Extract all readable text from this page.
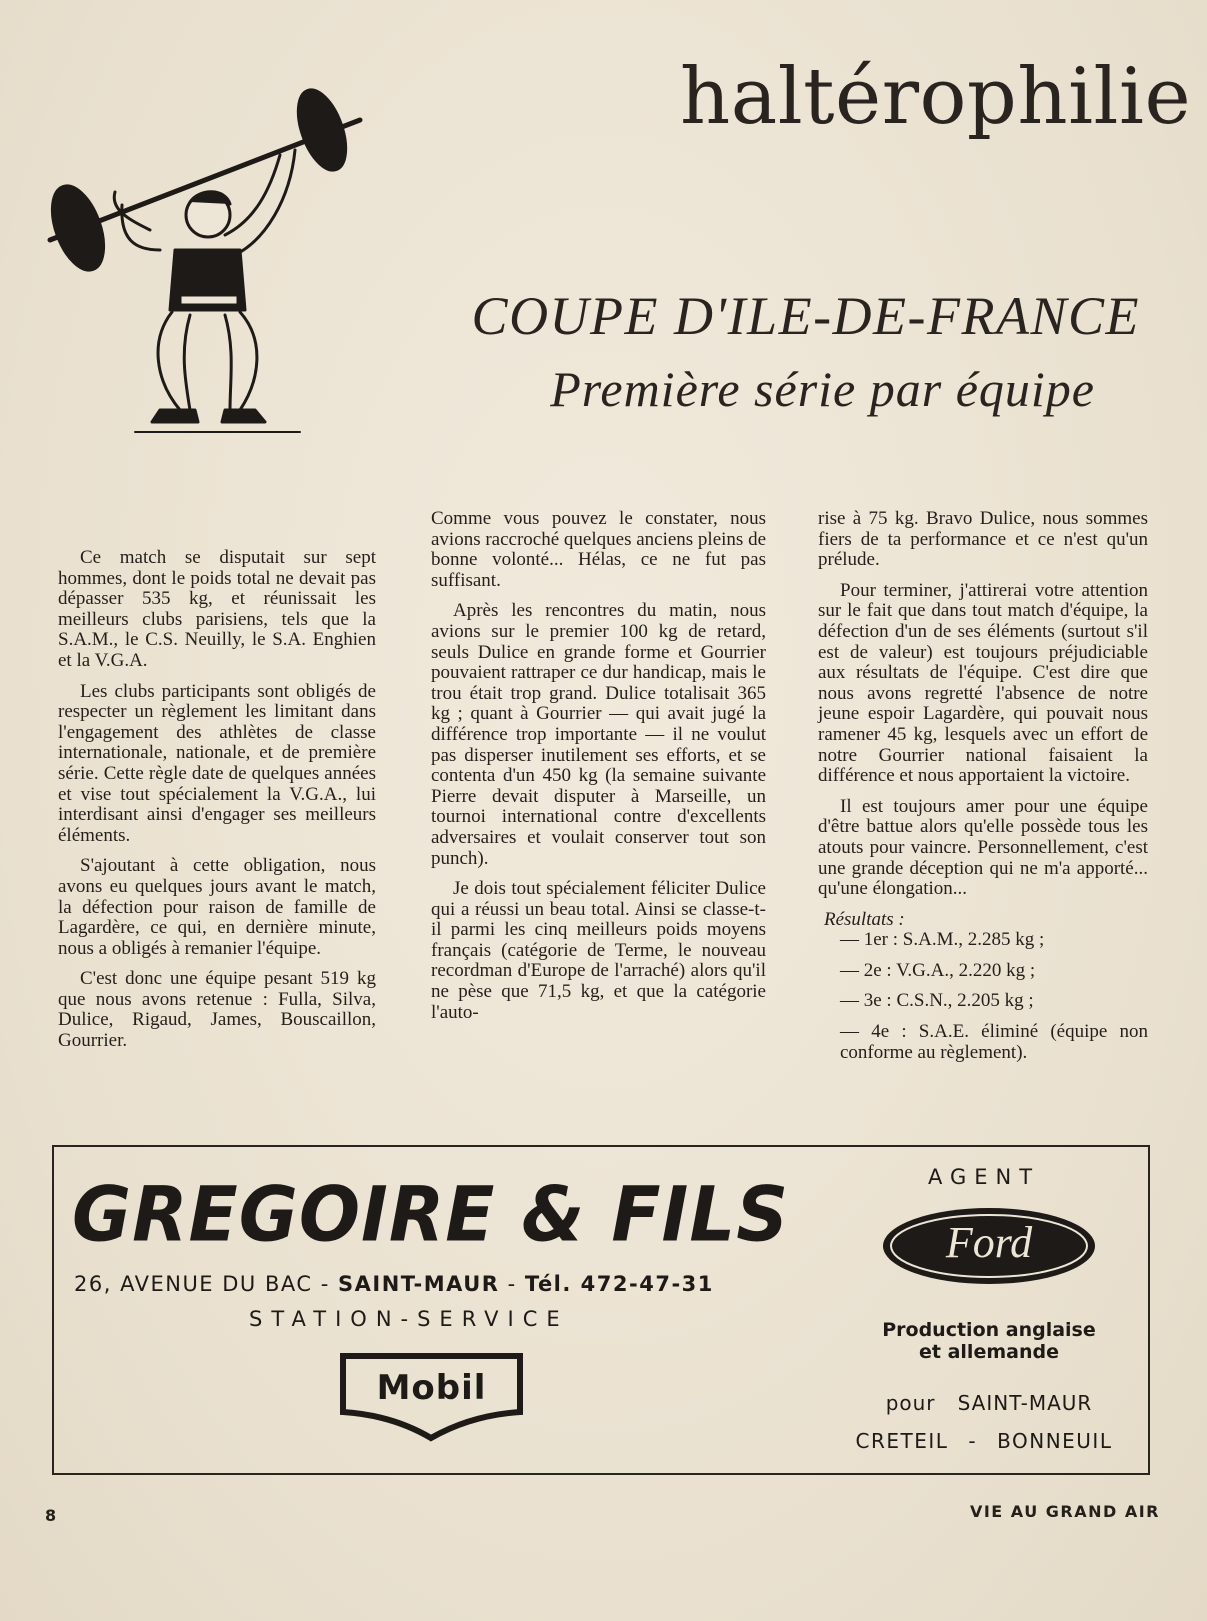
haltérophilie
COUPE D'ILE-DE-FRANCE
Première série par équipe

Ce match se disputait sur sept hommes, dont le poids total ne devait pas dépasser 535 kg, et réunissait les meilleurs clubs parisiens, tels que la S.A.M., le C.S. Neuilly, le S.A. Enghien et la V.G.A.

Les clubs participants sont obligés de respecter un règlement les limitant dans l'engagement des athlètes de classe internationale, nationale, et de première série. Cette règle date de quelques années et vise tout spécialement la V.G.A., lui interdisant ainsi d'engager ses meilleurs éléments.

S'ajoutant à cette obligation, nous avons eu quelques jours avant le match, la défection pour raison de famille de Lagardère, ce qui, en dernière minute, nous a obligés à remanier l'équipe.

C'est donc une équipe pesant 519 kg que nous avons retenue : Fulla, Silva, Dulice, Rigaud, James, Bouscaillon, Gourrier.

Comme vous pouvez le constater, nous avions raccroché quelques anciens pleins de bonne volonté... Hélas, ce ne fut pas suffisant.

Après les rencontres du matin, nous avions sur le premier 100 kg de retard, seuls Dulice en grande forme et Gourrier pouvaient rattraper ce dur handicap, mais le trou était trop grand. Dulice totalisait 365 kg ; quant à Gourrier — qui avait jugé la différence trop importante — il ne voulut pas disperser inutilement ses efforts, et se contenta d'un 450 kg (la semaine suivante Pierre devait disputer à Marseille, un tournoi international contre d'excellents adversaires et voulait conserver tout son punch).

Je dois tout spécialement féliciter Dulice qui a réussi un beau total. Ainsi se classe-t-il parmi les cinq meilleurs poids moyens français (catégorie de Terme, le nouveau recordman d'Europe de l'arraché) alors qu'il ne pèse que 71,5 kg, et que la catégorie l'auto-

rise à 75 kg. Bravo Dulice, nous sommes fiers de ta performance et ce n'est qu'un prélude.

Pour terminer, j'attirerai votre attention sur le fait que dans tout match d'équipe, la défection d'un de ses éléments (surtout s'il est de valeur) est toujours préjudiciable aux résultats de l'équipe. C'est dire que nous avons regretté l'absence de notre jeune espoir Lagardère, qui pouvait nous ramener 45 kg, lesquels avec un effort de notre Gourrier national faisaient la différence et nous apportaient la victoire.

Il est toujours amer pour une équipe d'être battue alors qu'elle possède tous les atouts pour vaincre. Personnellement, c'est une grande déception qui ne m'a apporté... qu'une élongation...

Résultats :

— 1er : S.A.M., 2.285 kg ;

— 2e : V.G.A., 2.220 kg ;

— 3e : C.S.N., 2.205 kg ;

— 4e : S.A.E. éliminé (équipe non conforme au règlement).

GREGOIRE & FILS
26, AVENUE DU BAC - SAINT-MAUR - Tél. 472-47-31
STATION-SERVICE
Mobil
AGENT
Ford
Production anglaise
et allemande
pour SAINT-MAUR
CRETEIL - BONNEUIL
8	VIE AU GRAND AIR
